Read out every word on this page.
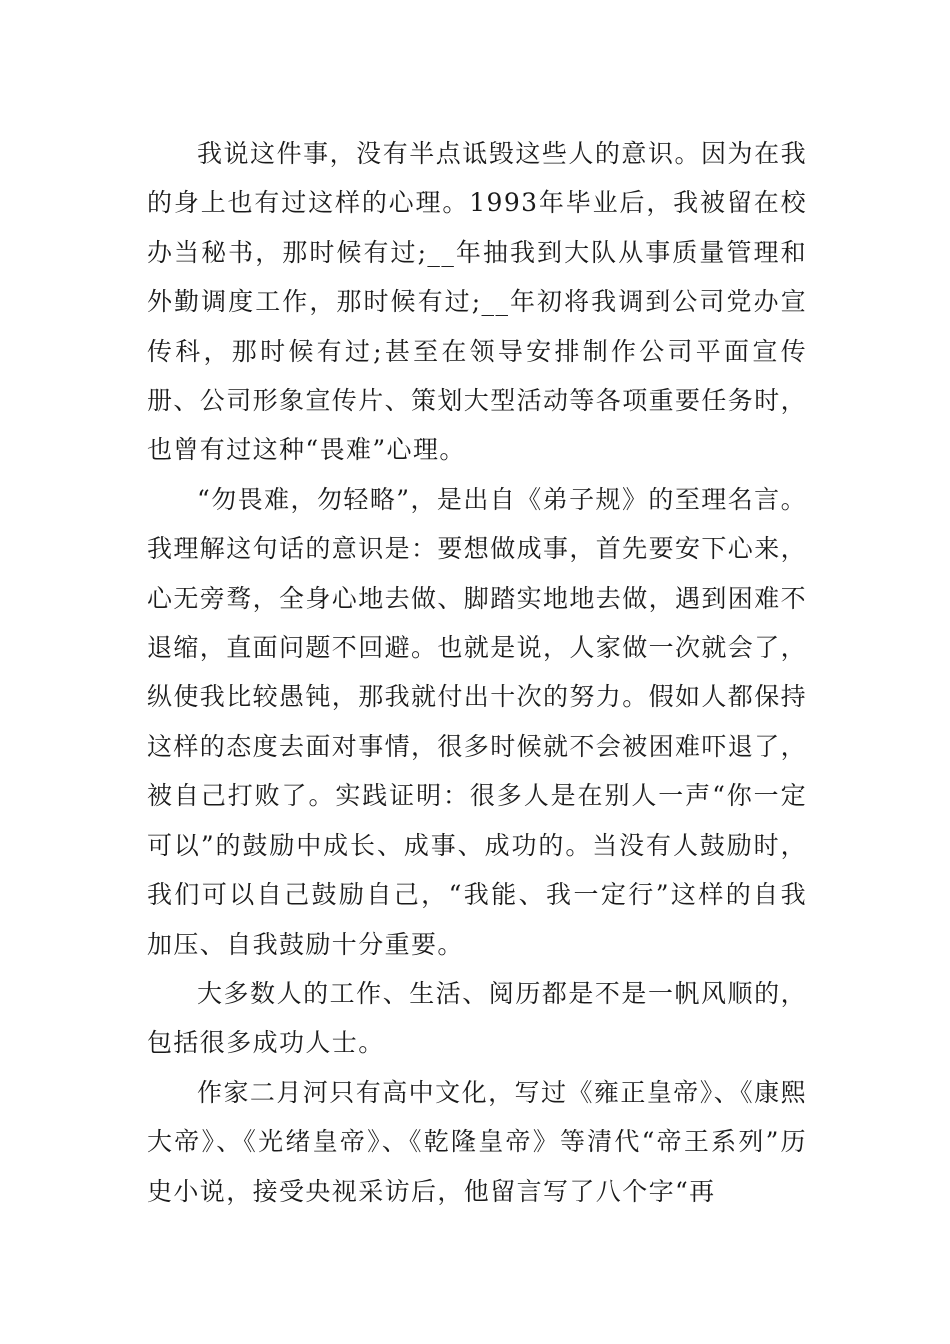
我说这件事，没有半点诋毁这些人的意识。因为在我的身上也有过这样的心理。1993年毕业后，我被留在校办当秘书，那时候有过;__年抽我到大队从事质量管理和外勤调度工作，那时候有过;__年初将我调到公司党办宣传科，那时候有过;甚至在领导安排制作公司平面宣传册、公司形象宣传片、策划大型活动等各项重要任务时，也曾有过这种“畏难”心理。

“勿畏难，勿轻略”，是出自《弟子规》的至理名言。我理解这句话的意识是：要想做成事，首先要安下心来，心无旁骛，全身心地去做、脚踏实地地去做，遇到困难不退缩，直面问题不回避。也就是说，人家做一次就会了，纵使我比较愚钝，那我就付出十次的努力。假如人都保持这样的态度去面对事情，很多时候就不会被困难吓退了，被自己打败了。实践证明：很多人是在别人一声“你一定可以”的鼓励中成长、成事、成功的。当没有人鼓励时，我们可以自己鼓励自己，“我能、我一定行”这样的自我加压、自我鼓励十分重要。

大多数人的工作、生活、阅历都是不是一帆风顺的，包括很多成功人士。

作家二月河只有高中文化，写过《雍正皇帝》、《康熙大帝》、《光绪皇帝》、《乾隆皇帝》等清代“帝王系列”历史小说，接受央视采访后，他留言写了八个字“再
